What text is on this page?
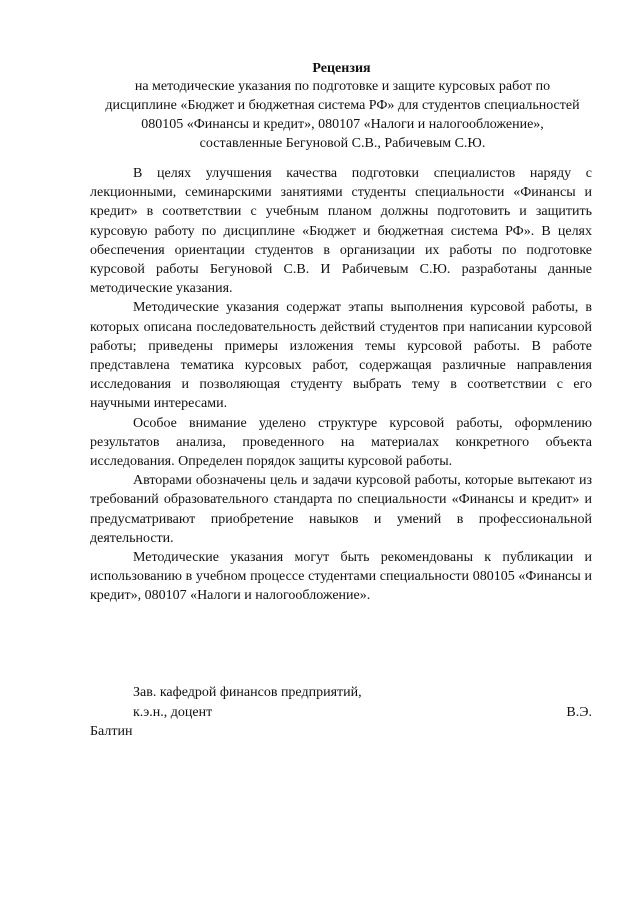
Рецензия
на методические указания по подготовке и защите курсовых работ по дисциплине «Бюджет и бюджетная система РФ» для студентов специальностей 080105 «Финансы и кредит», 080107 «Налоги и налогообложение», составленные Бегуновой С.В., Рабичевым С.Ю.

В целях улучшения качества подготовки специалистов наряду с лекционными, семинарскими занятиями студенты специальности «Финансы и кредит» в соответствии с учебным планом должны подготовить и защитить курсовую работу по дисциплине «Бюджет и бюджетная система РФ». В целях обеспечения ориентации студентов в организации их работы по подготовке курсовой работы Бегуновой С.В. И Рабичевым С.Ю. разработаны данные методические указания.

Методические указания содержат этапы выполнения курсовой работы, в которых описана последовательность действий студентов при написании курсовой работы; приведены примеры изложения темы курсовой работы. В работе представлена тематика курсовых работ, содержащая различные направления исследования и позволяющая студенту выбрать тему в соответствии с его научными интересами.

Особое внимание уделено структуре курсовой работы, оформлению результатов анализа, проведенного на материалах конкретного объекта исследования. Определен порядок защиты курсовой работы.

Авторами обозначены цель и задачи курсовой работы, которые вытекают из требований образовательного стандарта по специальности «Финансы и кредит» и предусматривают приобретение навыков и умений в профессиональной деятельности.

Методические указания могут быть рекомендованы к публикации и использованию в учебном процессе студентами специальности 080105 «Финансы и кредит», 080107 «Налоги и налогообложение».

Зав. кафедрой финансов предприятий,
к.э.н., доцент	В.Э.
Балтин
